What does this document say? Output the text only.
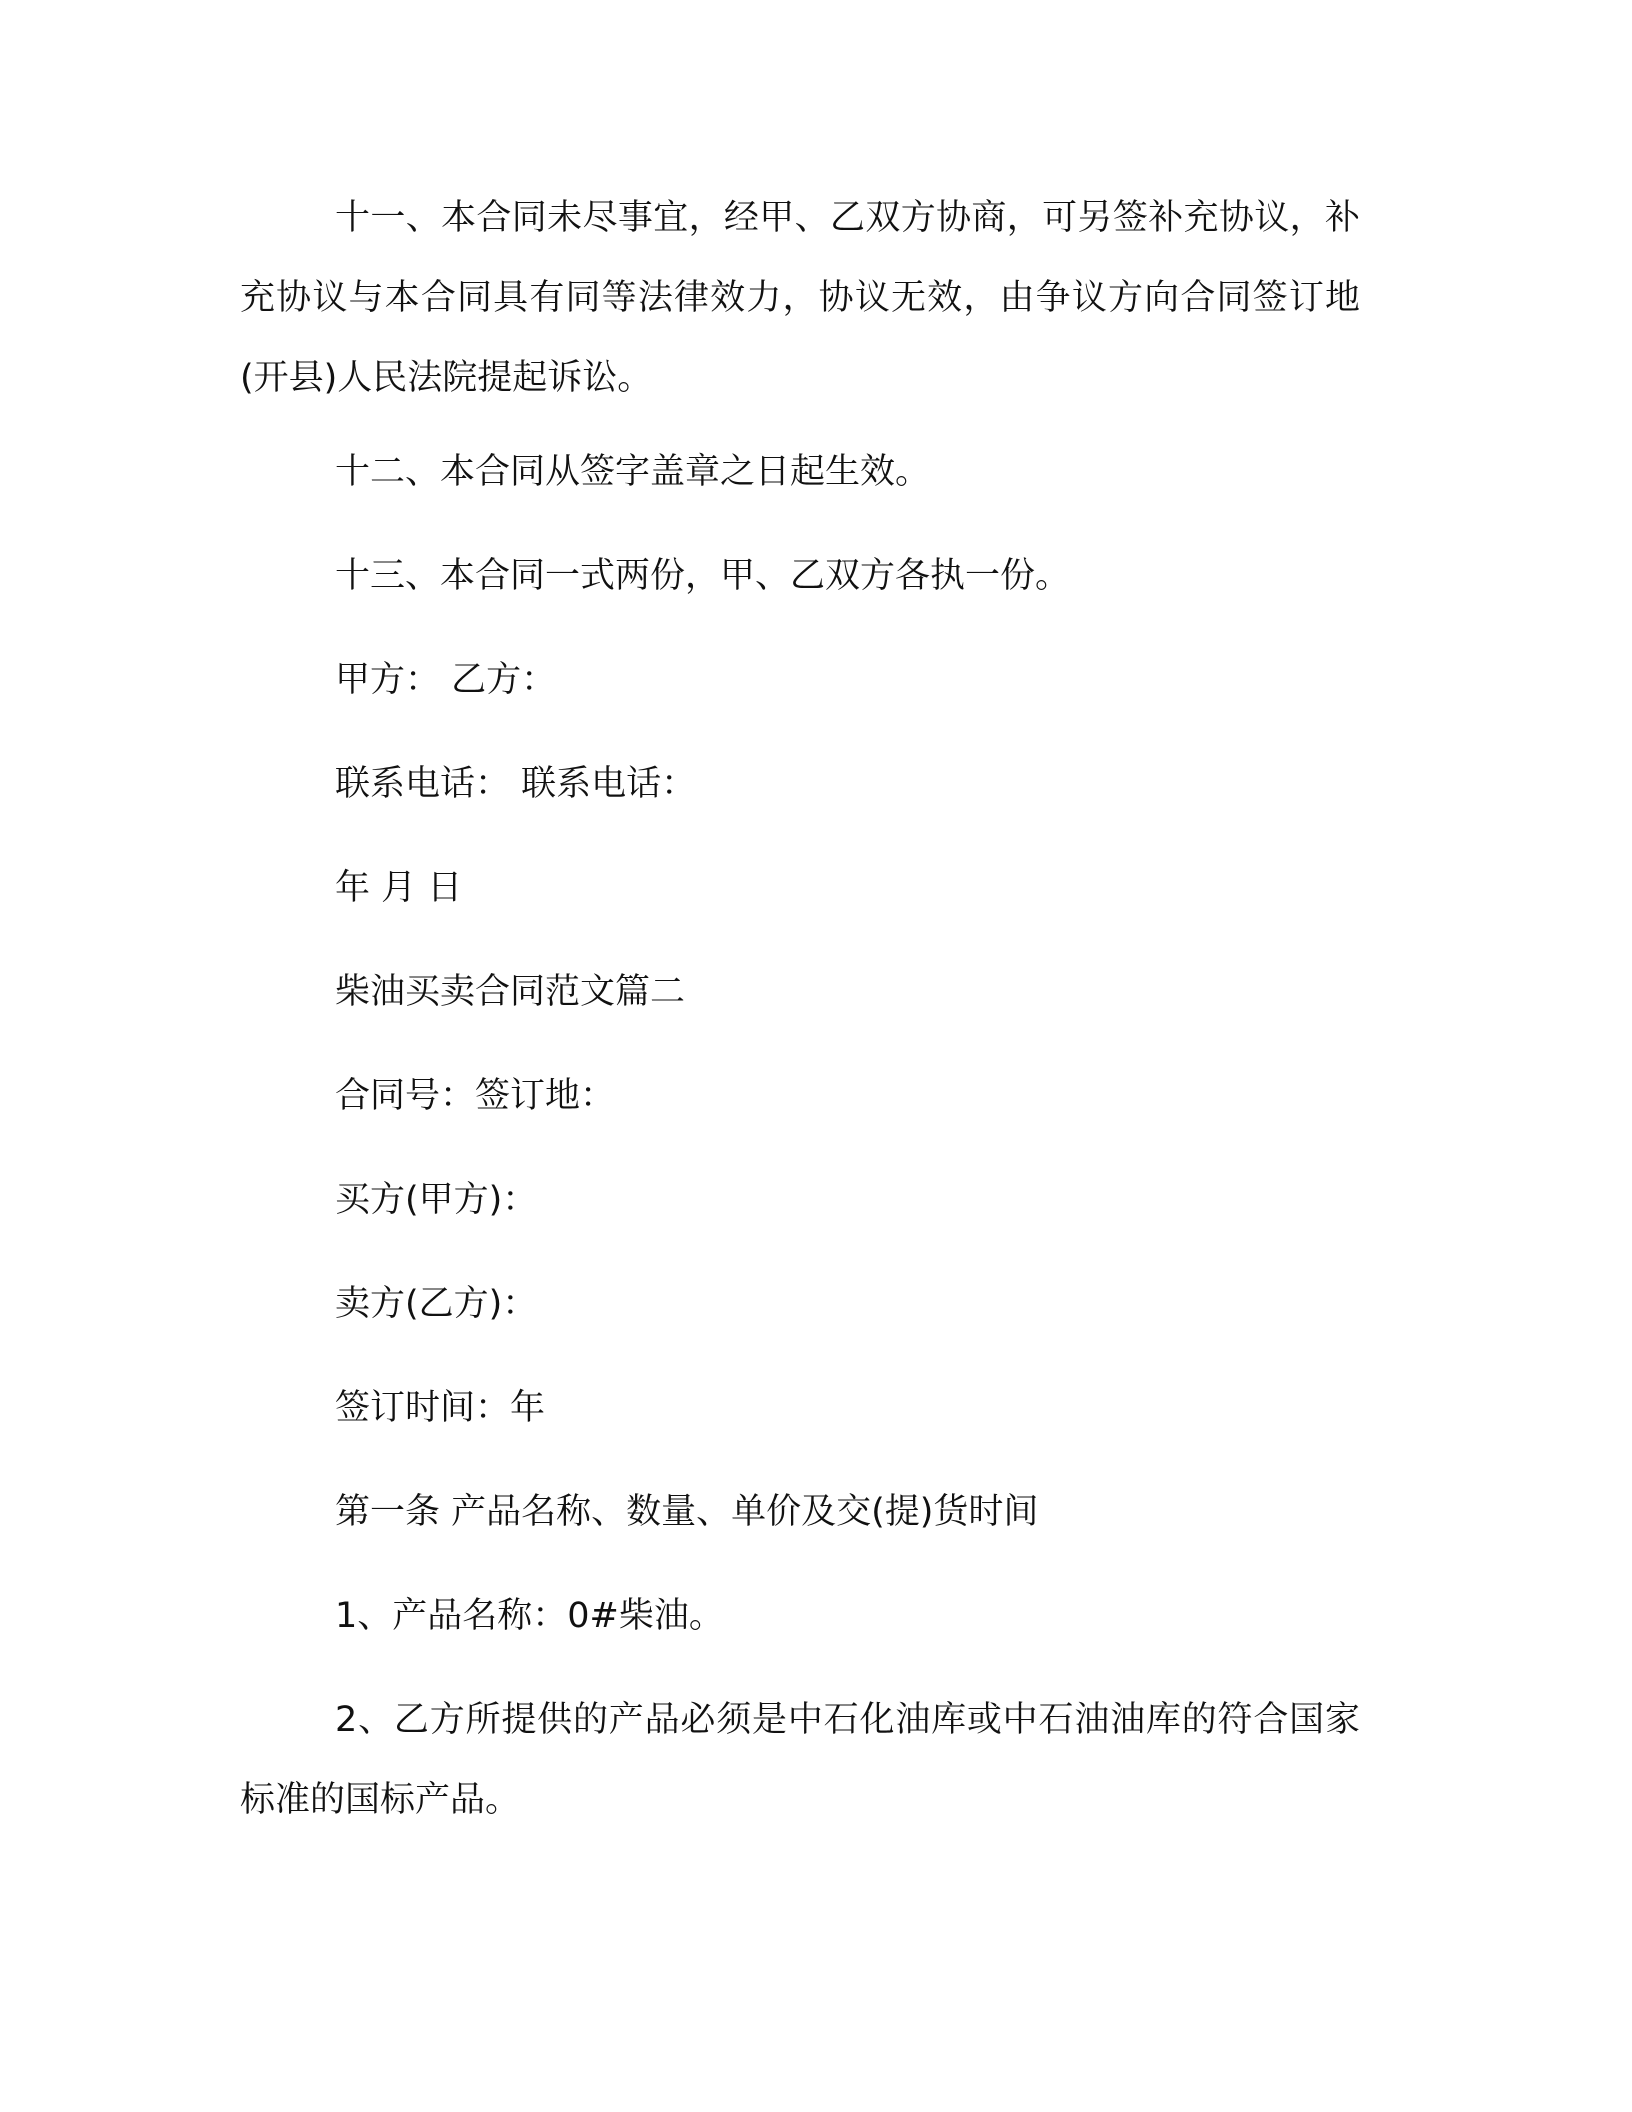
十一、本合同未尽事宜，经甲、乙双方协商，可另签补充协议，补充协议与本合同具有同等法律效力，协议无效，由争议方向合同签订地(开县)人民法院提起诉讼。
十二、本合同从签字盖章之日起生效。
十三、本合同一式两份，甲、乙双方各执一份。
甲方： 乙方：
联系电话： 联系电话：
年 月 日
柴油买卖合同范文篇二
合同号：签订地：
买方(甲方)：
卖方(乙方)：
签订时间：年
第一条 产品名称、数量、单价及交(提)货时间
1、产品名称：0#柴油。
2、乙方所提供的产品必须是中石化油库或中石油油库的符合国家标准的国标产品。
